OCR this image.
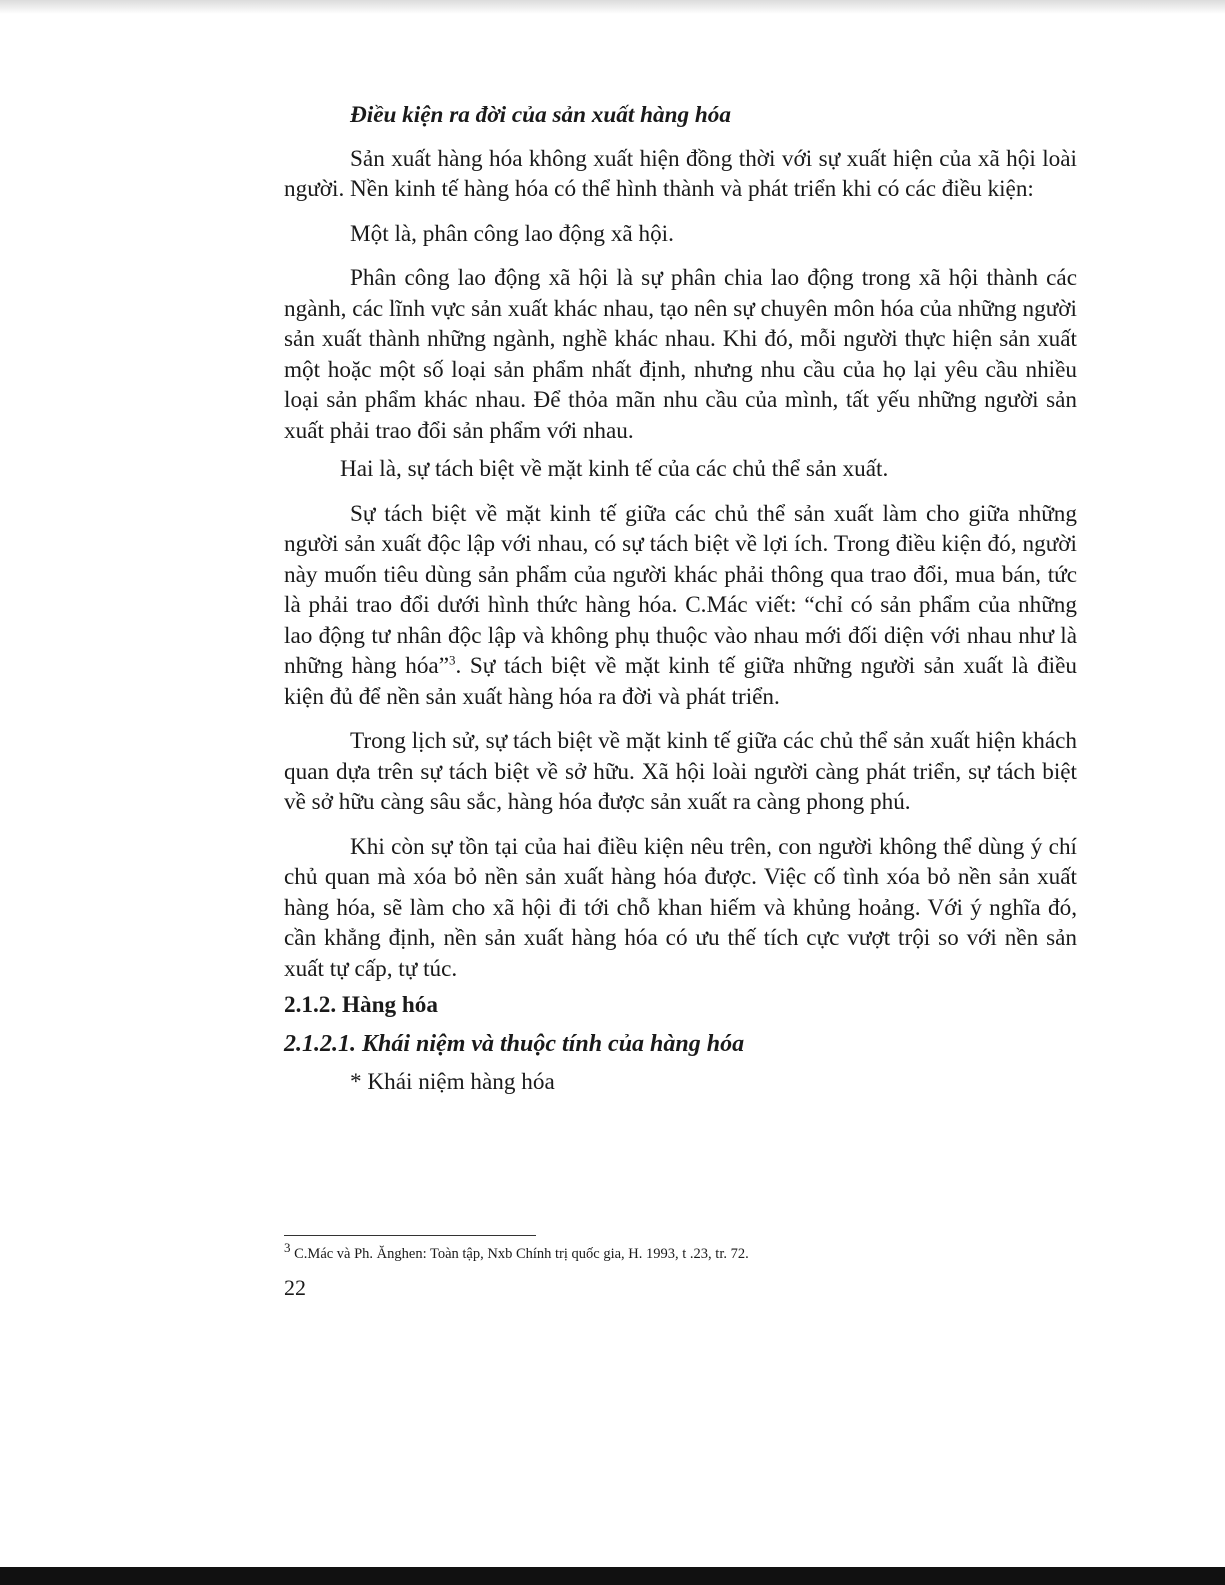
Điều kiện ra đời của sản xuất hàng hóa

Sản xuất hàng hóa không xuất hiện đồng thời với sự xuất hiện của xã hội loài người. Nền kinh tế hàng hóa có thể hình thành và phát triển khi có các điều kiện:

Một là, phân công lao động xã hội.

Phân công lao động xã hội là sự phân chia lao động trong xã hội thành các ngành, các lĩnh vực sản xuất khác nhau, tạo nên sự chuyên môn hóa của những người sản xuất thành những ngành, nghề khác nhau. Khi đó, mỗi người thực hiện sản xuất một hoặc một số loại sản phẩm nhất định, nhưng nhu cầu của họ lại yêu cầu nhiều loại sản phẩm khác nhau. Để thỏa mãn nhu cầu của mình, tất yếu những người sản xuất phải trao đổi sản phẩm với nhau.

Hai là, sự tách biệt về mặt kinh tế của các chủ thể sản xuất.

Sự tách biệt về mặt kinh tế giữa các chủ thể sản xuất làm cho giữa những người sản xuất độc lập với nhau, có sự tách biệt về lợi ích. Trong điều kiện đó, người này muốn tiêu dùng sản phẩm của người khác phải thông qua trao đổi, mua bán, tức là phải trao đổi dưới hình thức hàng hóa. C.Mác viết: “chỉ có sản phẩm của những lao động tư nhân độc lập và không phụ thuộc vào nhau mới đối diện với nhau như là những hàng hóa”$^3$. Sự tách biệt về mặt kinh tế giữa những người sản xuất là điều kiện đủ để nền sản xuất hàng hóa ra đời và phát triển.

Trong lịch sử, sự tách biệt về mặt kinh tế giữa các chủ thể sản xuất hiện khách quan dựa trên sự tách biệt về sở hữu. Xã hội loài người càng phát triển, sự tách biệt về sở hữu càng sâu sắc, hàng hóa được sản xuất ra càng phong phú.

Khi còn sự tồn tại của hai điều kiện nêu trên, con người không thể dùng ý chí chủ quan mà xóa bỏ nền sản xuất hàng hóa được. Việc cố tình xóa bỏ nền sản xuất hàng hóa, sẽ làm cho xã hội đi tới chỗ khan hiếm và khủng hoảng. Với ý nghĩa đó, cần khẳng định, nền sản xuất hàng hóa có ưu thế tích cực vượt trội so với nền sản xuất tự cấp, tự túc.

2.1.2. Hàng hóa

2.1.2.1. Khái niệm và thuộc tính của hàng hóa

* Khái niệm hàng hóa

$^3$ C.Mác và Ph. Ănghen: Toàn tập, Nxb Chính trị quốc gia, H. 1993, t .23, tr. 72.
22
